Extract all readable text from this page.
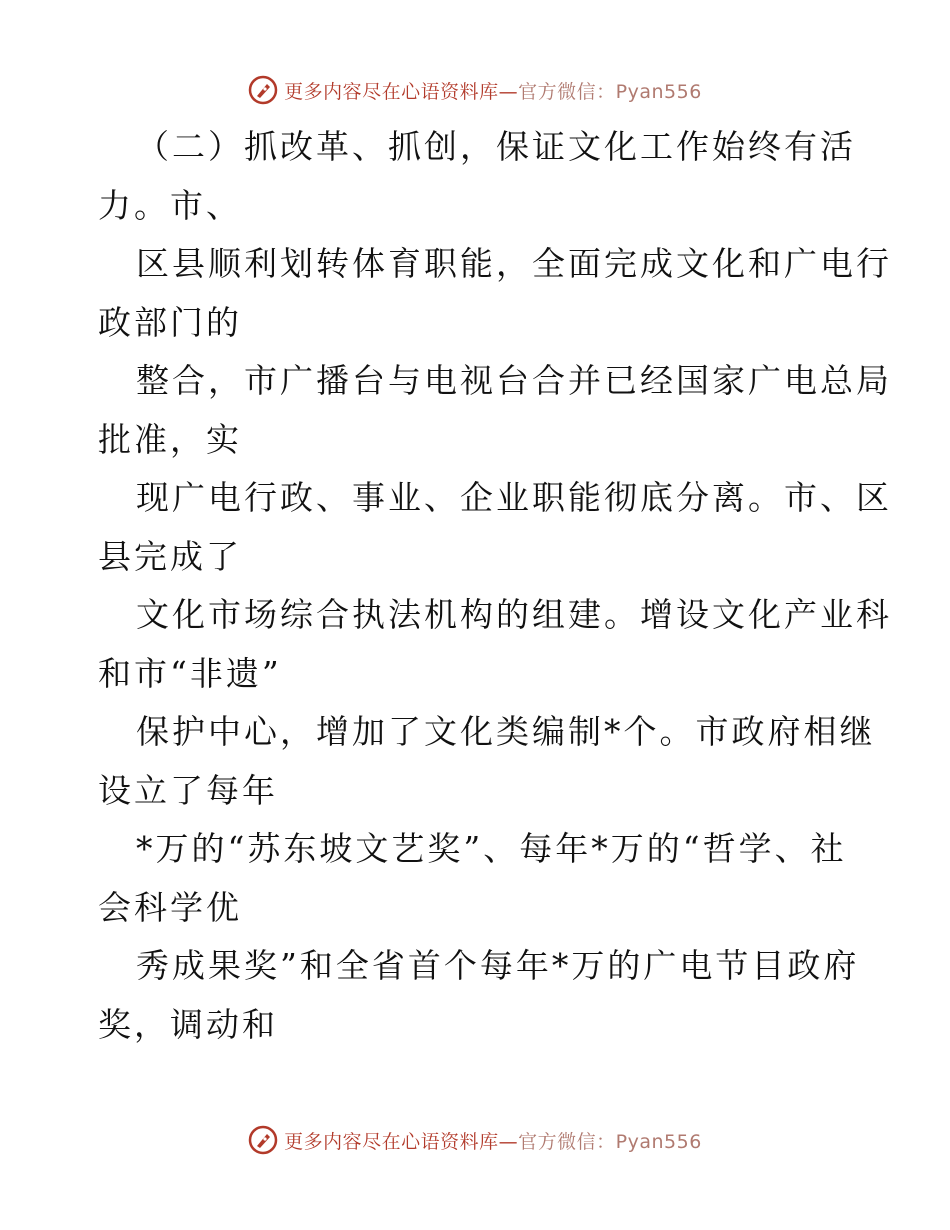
更多内容尽在心语资料库—官方微信：Pyan556
（二）抓改革、抓创，保证文化工作始终有活
力。市、
区县顺利划转体育职能，全面完成文化和广电行
政部门的
整合，市广播台与电视台合并已经国家广电总局
批准，实
现广电行政、事业、企业职能彻底分离。市、区
县完成了
文化市场综合执法机构的组建。增设文化产业科
和市“非遗”
保护中心，增加了文化类编制*个。市政府相继
设立了每年
*万的“苏东坡文艺奖”、每年*万的“哲学、社
会科学优
秀成果奖”和全省首个每年*万的广电节目政府
奖，调动和
更多内容尽在心语资料库—官方微信：Pyan556
